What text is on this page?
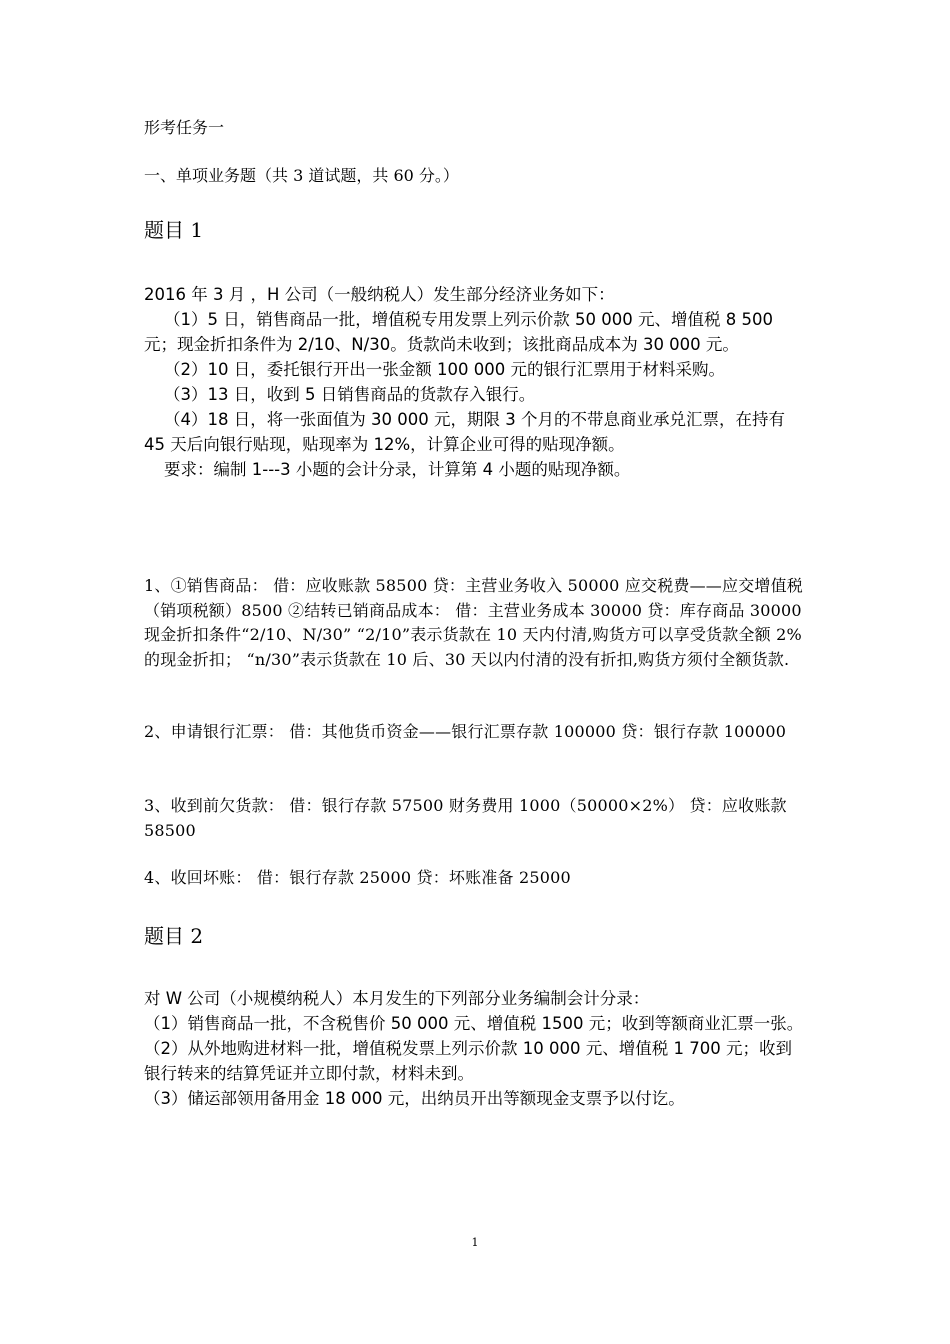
形考任务一

一、单项业务题（共 3 道试题，共 60 分。）

题目 1

2016 年 3 月 ，H 公司（一般纳税人）发生部分经济业务如下：
（1）5 日，销售商品一批，增值税专用发票上列示价款 50 000 元、增值税 8 500 元；现金折扣条件为 2/10、N/30。货款尚未收到；该批商品成本为 30 000 元。
（2）10 日，委托银行开出一张金额 100 000 元的银行汇票用于材料采购。
（3）13 日，收到 5 日销售商品的货款存入银行。
（4）18 日，将一张面值为 30 000 元，期限 3 个月的不带息商业承兑汇票，在持有 45 天后向银行贴现，贴现率为 12%，计算企业可得的贴现净额。
要求：编制 1---3 小题的会计分录，计算第 4 小题的贴现净额。

1、①销售商品： 借：应收账款 58500 贷：主营业务收入 50000 应交税费——应交增值税（销项税额）8500 ②结转已销商品成本： 借：主营业务成本 30000 贷：库存商品 30000 现金折扣条件“2/10、N/30” “2/10”表示货款在 10 天内付清,购货方可以享受货款全额 2%的现金折扣； “n/30”表示货款在 10 后、30 天以内付清的没有折扣,购货方须付全额货款.

2、申请银行汇票： 借：其他货币资金——银行汇票存款 100000 贷：银行存款 100000

3、收到前欠货款： 借：银行存款 57500 财务费用 1000（50000×2%） 贷：应收账款 58500

4、收回坏账： 借：银行存款 25000 贷：坏账准备 25000

题目 2

对 W 公司（小规模纳税人）本月发生的下列部分业务编制会计分录：
（1）销售商品一批，不含税售价 50 000 元、增值税 1500 元；收到等额商业汇票一张。
（2）从外地购进材料一批，增值税发票上列示价款 10 000 元、增值税 1 700 元；收到银行转来的结算凭证并立即付款，材料未到。
（3）储运部领用备用金 18 000 元，出纳员开出等额现金支票予以付讫。
1
